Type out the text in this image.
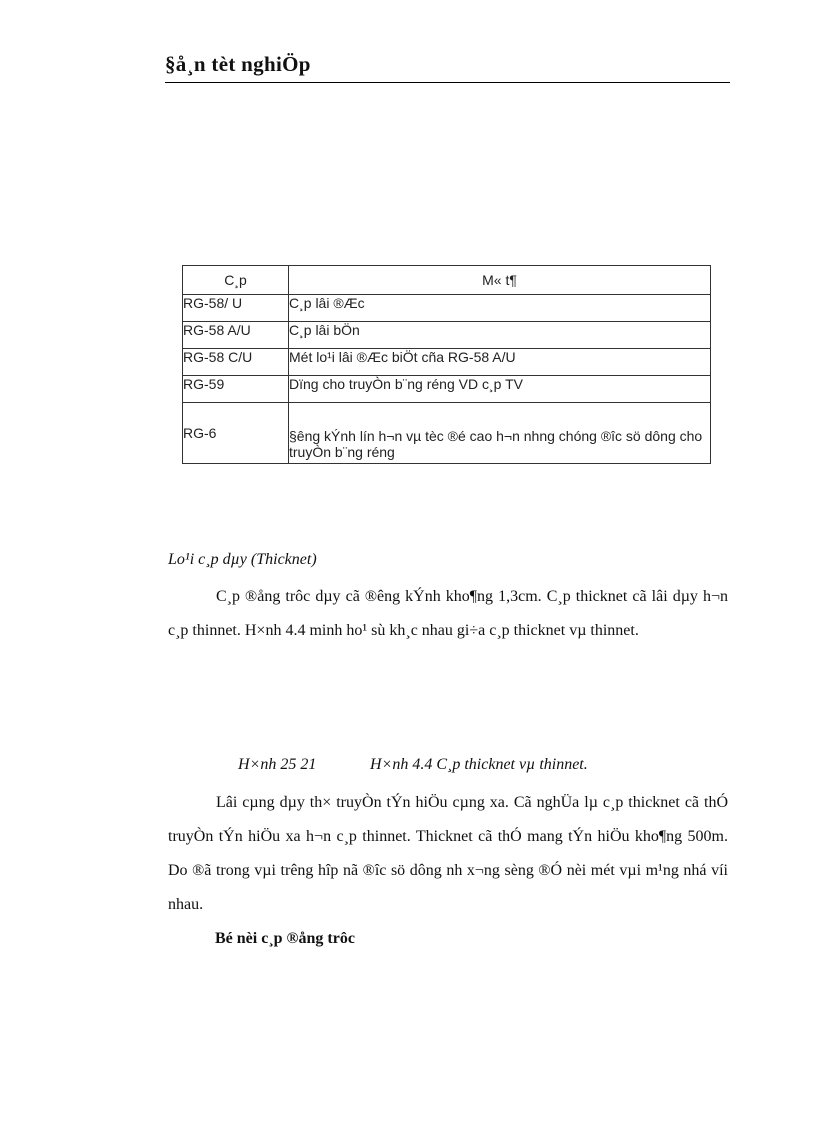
§å¸n tèt nghiÖp
C¸p	M« t¶
RG-58/ U	C¸p lâi ®Æc
RG-58 A/U	C¸p lâi bÖn
RG-58 C/U	Mét lo¹i lâi ®Æc biÖt cña RG-58 A/U
RG-59	Dïng cho truyÒn b¨ng réng VD c¸p TV
RG-6	§êng kÝnh lín h¬n vµ tèc ®é cao h¬n nhng chóng ®îc sö dông cho truyÒn b¨ng réng
Lo¹i c¸p dµy (Thicknet)
C¸p ®ång trôc dµy cã ®êng kÝnh kho¶ng 1,3cm. C¸p thicknet cã lâi dµy h¬n c¸p thinnet. H×nh 4.4 minh ho¹ sù kh¸c nhau gi÷a c¸p thicknet vµ thinnet.
H×nh 25 21	H×nh 4.4 C¸p thicknet vµ thinnet.
Lâi cµng dµy th× truyÒn tÝn hiÖu cµng xa. Cã nghÜa lµ c¸p thicknet cã thÓ truyÒn tÝn hiÖu xa h¬n c¸p thinnet. Thicknet cã thÓ mang tÝn hiÖu kho¶ng 500m. Do ®ã trong vµi trêng hîp nã ®îc sö dông nh x¬ng sèng ®Ó nèi mét vµi m¹ng nhá víi nhau.
Bé nèi c¸p ®ång trôc
